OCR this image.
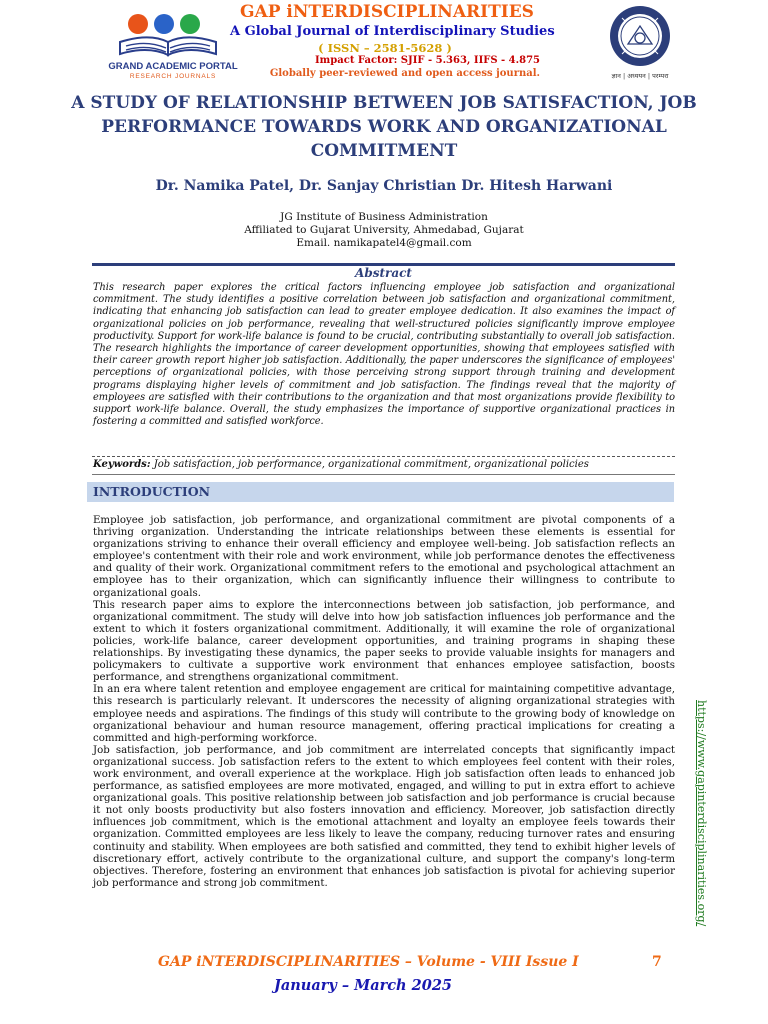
GRAND ACADEMIC PORTAL
RESEARCH JOURNALS
GAP iNTERDISCIPLINARITIES
A Global Journal of Interdisciplinary Studies
( ISSN – 2581-5628 )
Impact Factor: SJIF - 5.363, IIFS - 4.875
Globally peer-reviewed and open access journal.	ज्ञान | अध्ययन | परम्परा
A STUDY OF RELATIONSHIP BETWEEN JOB SATISFACTION, JOB PERFORMANCE TOWARDS WORK AND ORGANIZATIONAL COMMITMENT
Dr. Namika Patel, Dr. Sanjay Christian Dr. Hitesh Harwani
JG Institute of Business Administration
Affiliated to Gujarat University, Ahmedabad, Gujarat
Email. namikapatel4@gmail.com
Abstract
This research paper explores the critical factors influencing employee job satisfaction and organizational commitment. The study identifies a positive correlation between job satisfaction and organizational commitment, indicating that enhancing job satisfaction can lead to greater employee dedication. It also examines the impact of organizational policies on job performance, revealing that well-structured policies significantly improve employee productivity. Support for work-life balance is found to be crucial, contributing substantially to overall job satisfaction. The research highlights the importance of career development opportunities, showing that employees satisfied with their career growth report higher job satisfaction. Additionally, the paper underscores the significance of employees' perceptions of organizational policies, with those perceiving strong support through training and development programs displaying higher levels of commitment and job satisfaction. The findings reveal that the majority of employees are satisfied with their contributions to the organization and that most organizations provide flexibility to support work-life balance. Overall, the study emphasizes the importance of supportive organizational practices in fostering a committed and satisfied workforce.
Keywords: Job satisfaction, job performance, organizational commitment, organizational policies
INTRODUCTION

Employee job satisfaction, job performance, and organizational commitment are pivotal components of a thriving organization. Understanding the intricate relationships between these elements is essential for organizations striving to enhance their overall efficiency and employee well-being. Job satisfaction reflects an employee's contentment with their role and work environment, while job performance denotes the effectiveness and quality of their work. Organizational commitment refers to the emotional and psychological attachment an employee has to their organization, which can significantly influence their willingness to contribute to organizational goals.

This research paper aims to explore the interconnections between job satisfaction, job performance, and organizational commitment. The study will delve into how job satisfaction influences job performance and the extent to which it fosters organizational commitment. Additionally, it will examine the role of organizational policies, work-life balance, career development opportunities, and training programs in shaping these relationships. By investigating these dynamics, the paper seeks to provide valuable insights for managers and policymakers to cultivate a supportive work environment that enhances employee satisfaction, boosts performance, and strengthens organizational commitment.

In an era where talent retention and employee engagement are critical for maintaining competitive advantage, this research is particularly relevant. It underscores the necessity of aligning organizational strategies with employee needs and aspirations. The findings of this study will contribute to the growing body of knowledge on organizational behaviour and human resource management, offering practical implications for creating a committed and high-performing workforce.

Job satisfaction, job performance, and job commitment are interrelated concepts that significantly impact organizational success. Job satisfaction refers to the extent to which employees feel content with their roles, work environment, and overall experience at the workplace. High job satisfaction often leads to enhanced job performance, as satisfied employees are more motivated, engaged, and willing to put in extra effort to achieve organizational goals. This positive relationship between job satisfaction and job performance is crucial because it not only boosts productivity but also fosters innovation and efficiency. Moreover, job satisfaction directly influences job commitment, which is the emotional attachment and loyalty an employee feels towards their organization. Committed employees are less likely to leave the company, reducing turnover rates and ensuring continuity and stability. When employees are both satisfied and committed, they tend to exhibit higher levels of discretionary effort, actively contribute to the organizational culture, and support the company's long-term objectives. Therefore, fostering an environment that enhances job satisfaction is pivotal for achieving superior job performance and strong job commitment.	https://www.gapinterdisciplinarities.org/
GAP iNTERDISCIPLINARITIES – Volume - VIII Issue I	7
January – March 2025
